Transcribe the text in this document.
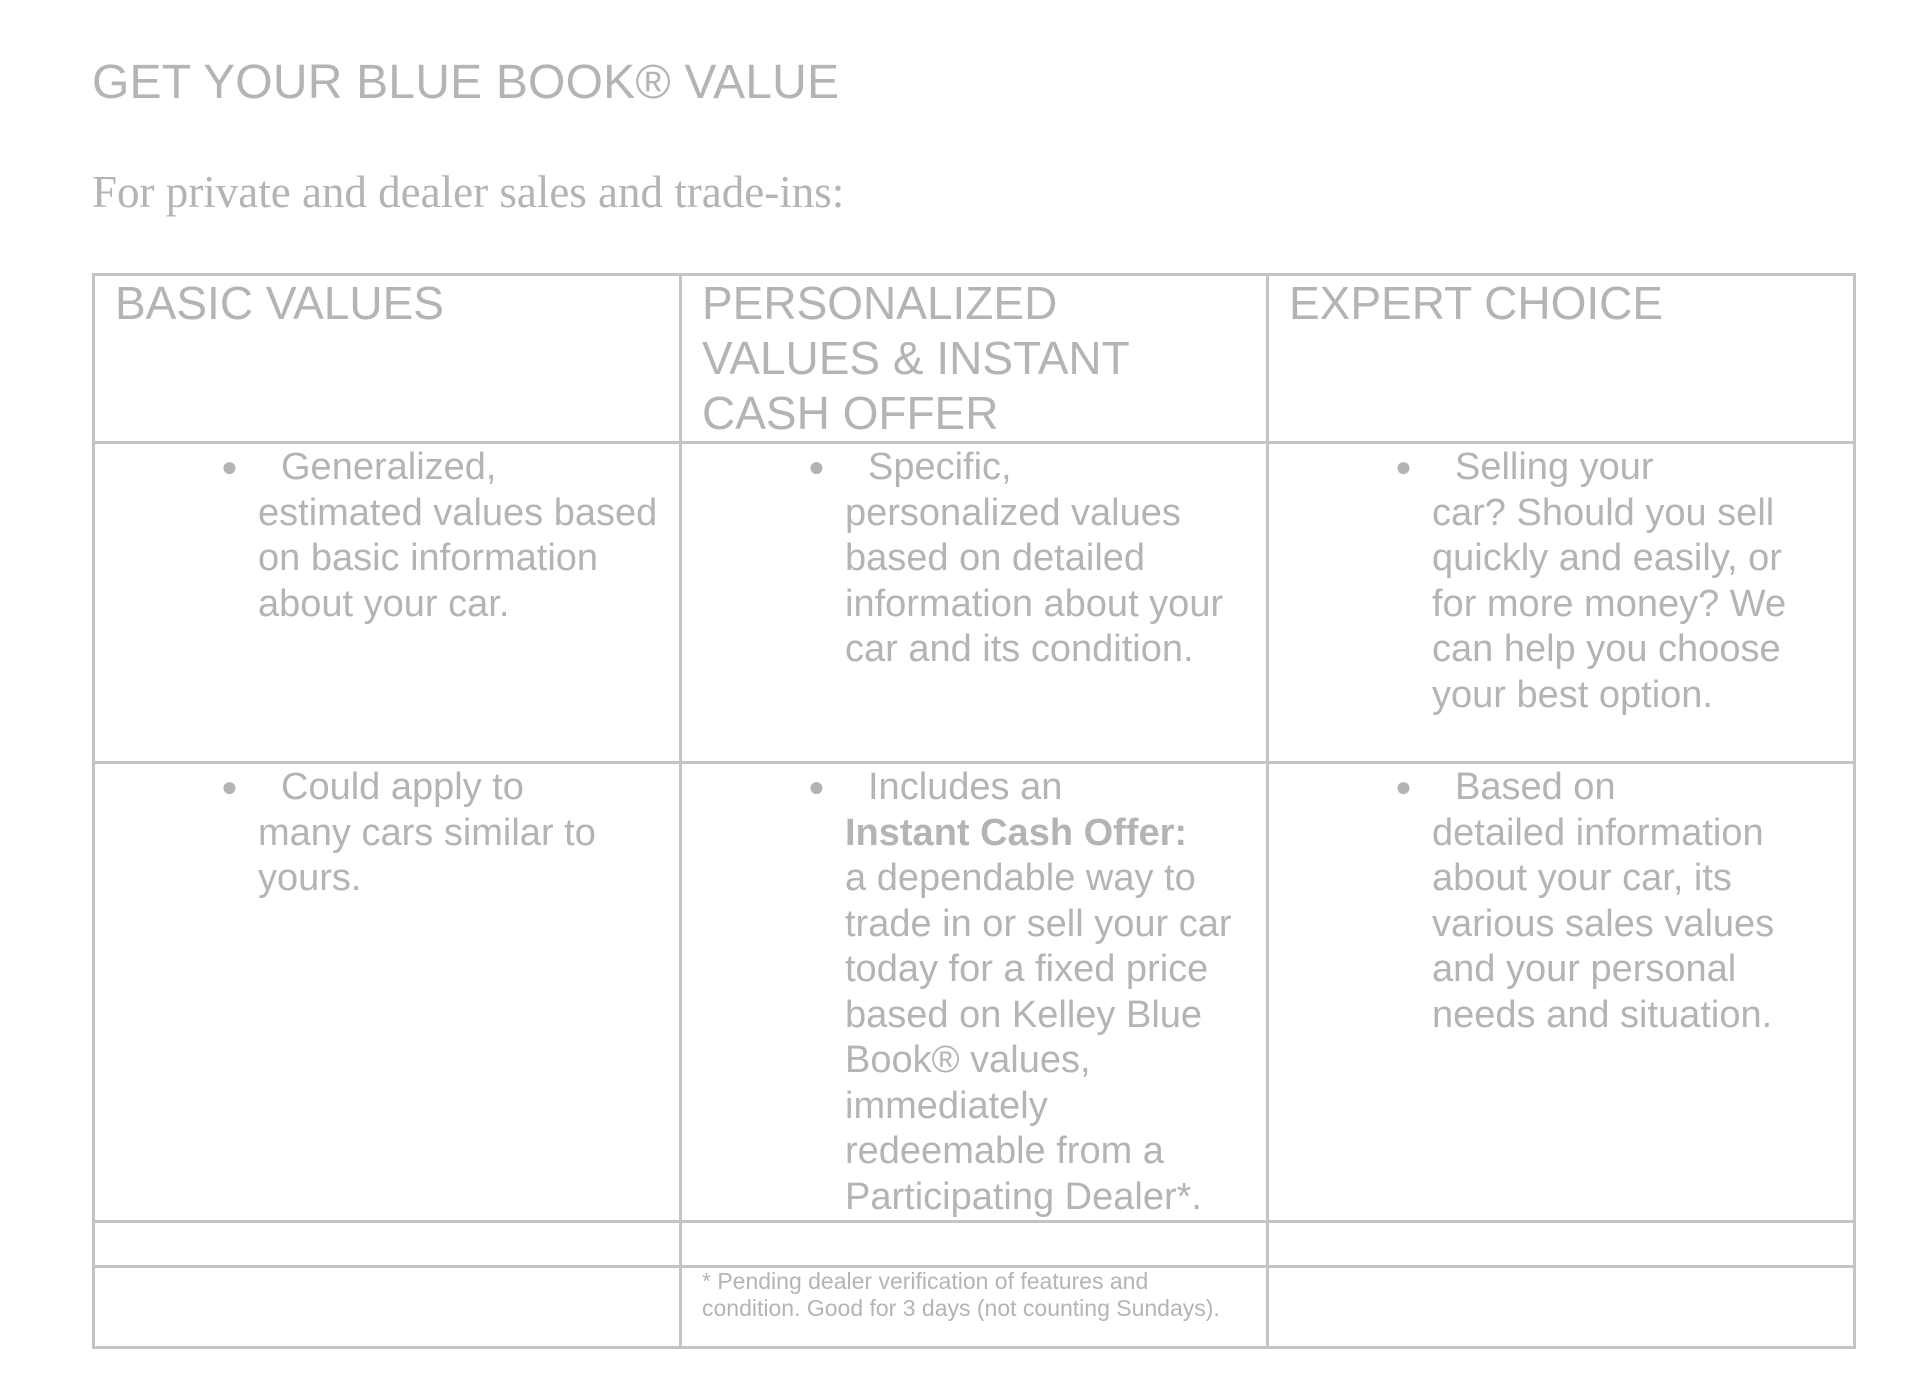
GET YOUR BLUE BOOK® VALUE
For private and dealer sales and trade-ins:
BASIC VALUES	PERSONALIZED VALUES & INSTANT CASH OFFER	EXPERT CHOICE

● Generalized,
estimated values based on basic information about your car.	● Specific,
personalized values based on detailed information about your car and its condition.	● Selling your
car? Should you sell quickly and easily, or for more money? We can help you choose your best option.

● Could apply to
many cars similar to yours.	● Includes an
Instant Cash Offer:
a dependable way to trade in or sell your car today for a fixed price based on Kelley Blue Book® values, immediately redeemable from a Participating Dealer*.	● Based on
detailed information about your car, its various sales values and your personal needs and situation.

	* Pending dealer verification of features and condition. Good for 3 days (not counting Sundays).	
